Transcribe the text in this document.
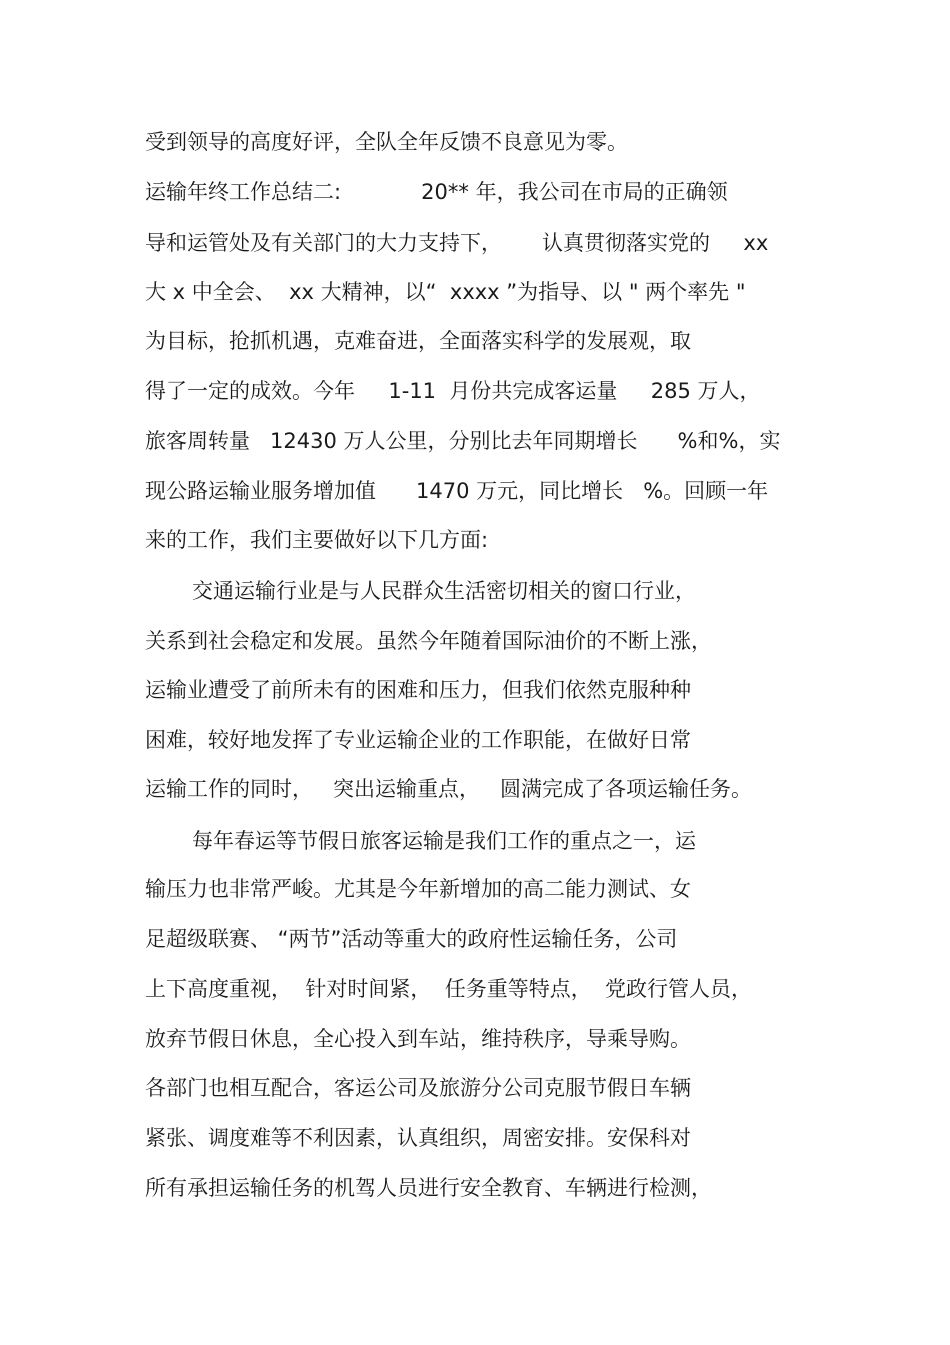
受到领导的高度好评，全队全年反馈不良意见为零。
运输年终工作总结二:            20** 年，我公司在市局的正确领
导和运管处及有关部门的大力支持下，      认真贯彻落实党的     xx
大 x 中全会、  xx 大精神，以“  xxxx ”为指导、以 " 两个率先 "
为目标，抢抓机遇，克难奋进，全面落实科学的发展观，取
得了一定的成效。今年     1-11  月份共完成客运量     285 万人，
旅客周转量   12430 万人公里，分别比去年同期增长      %和%，实
现公路运输业服务增加值      1470 万元，同比增长   %。回顾一年
来的工作，我们主要做好以下几方面:
交通运输行业是与人民群众生活密切相关的窗口行业，
关系到社会稳定和发展。虽然今年随着国际油价的不断上涨，
运输业遭受了前所未有的困难和压力，但我们依然克服种种
困难，较好地发挥了专业运输企业的工作职能，在做好日常
运输工作的同时，   突出运输重点，   圆满完成了各项运输任务。
每年春运等节假日旅客运输是我们工作的重点之一，运
输压力也非常严峻。尤其是今年新增加的高二能力测试、女
足超级联赛、 “两节”活动等重大的政府性运输任务，公司
上下高度重视，  针对时间紧，  任务重等特点，  党政行管人员，
放弃节假日休息，全心投入到车站，维持秩序，导乘导购。
各部门也相互配合，客运公司及旅游分公司克服节假日车辆
紧张、调度难等不利因素，认真组织，周密安排。安保科对
所有承担运输任务的机驾人员进行安全教育、车辆进行检测，
